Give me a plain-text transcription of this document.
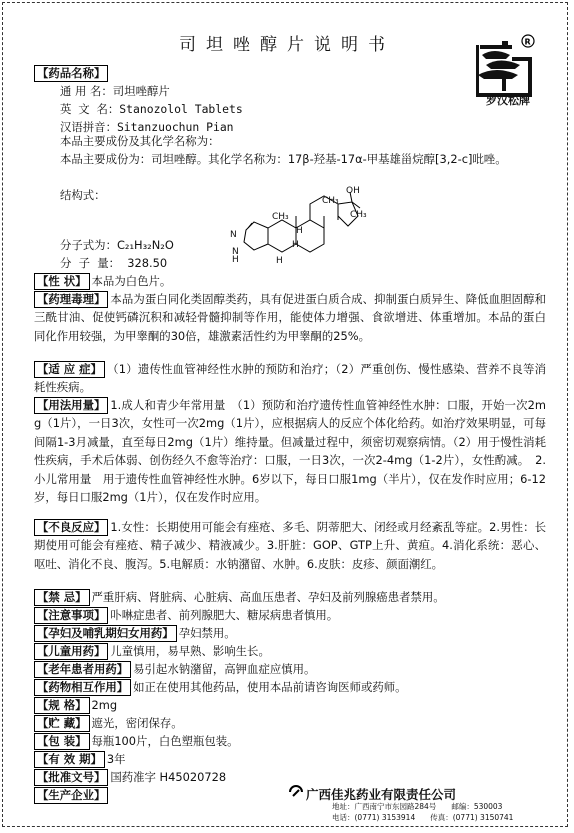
司坦唑醇片说明书	R
罗汉松牌
【药品名称】
通 用 名：司坦唑醇片
英 文 名：Stanozolol Tablets
汉语拼音：Sitanzuochun Pian
本品主要成份及其化学名称为：
本品主要成份为：司坦唑醇。其化学名称为：17β-羟基-17α-甲基雄甾烷醇[3,2-c]吡唑。
结构式：	OH
CH₃
CH₃
CH₃
H
H
H
N
N
H
分子式为：C₂₁H₃₂N₂O
分  子  量：  328.50
【性 状】 本品为白色片。
【药理毒理】 本品为蛋白同化类固醇类药，具有促进蛋白质合成、抑制蛋白质异生、降低血胆固醇和三酰甘油、促使钙磷沉积和减轻骨髓抑制等作用，能使体力增强、食欲增进、体重增加。本品的蛋白同化作用较强，为甲睾酮的30倍，雄激素活性约为甲睾酮的25%。
【适 应 症】 （1）遗传性血管神经性水肿的预防和治疗；（2）严重创伤、慢性感染、营养不良等消耗性疾病。
【用法用量】 1.成人和青少年常用量　（1）预防和治疗遗传性血管神经性水肿：口服，开始一次2mg（1片），一日3次，女性可一次2mg（1片），应根据病人的反应个体化给药。如治疗效果明显，可每间隔1-3月减量，直至每日2mg（1片）维持量。但减量过程中，须密切观察病情。（2）用于慢性消耗性疾病，手术后体弱、创伤经久不愈等治疗：口服，一日3次，一次2-4mg（1-2片），女性酌减。　2.小儿常用量　用于遗传性血管神经性水肿。6岁以下，每日口服1mg（半片），仅在发作时应用；6-12岁，每日口服2mg（1片），仅在发作时应用。
【不良反应】 1.女性：长期使用可能会有痤疮、多毛、阴蒂肥大、闭经或月经紊乱等症。2.男性：长期使用可能会有痤疮、精子减少、精液减少。3.肝脏：GOP、GTP上升、黄疸。4.消化系统：恶心、呕吐、消化不良、腹泻。5.电解质：水钠潴留、水肿。6.皮肤：皮疹、颜面潮红。
【禁 忌】 严重肝病、肾脏病、心脏病、高血压患者、孕妇及前列腺癌患者禁用。
【注意事项】 卟啉症患者、前列腺肥大、糖尿病患者慎用。
【孕妇及哺乳期妇女用药】 孕妇禁用。
【儿童用药】 儿童慎用，易早熟、影响生长。
【老年患者用药】 易引起水钠潴留，高钾血症应慎用。
【药物相互作用】 如正在使用其他药品，使用本品前请咨询医师或药师。
【规 格】 2mg
【贮 藏】 遮光，密闭保存。
【包 装】 每瓶100片，白色塑瓶包装。
【有 效 期】 3年
【批准文号】 国药准字 H45020728
【生产企业】	广西佳兆药业有限责任公司
地址：广西南宁市东园路284号　　邮编：530003
电话：(0771) 3153914　　传真：(0771) 3150741
